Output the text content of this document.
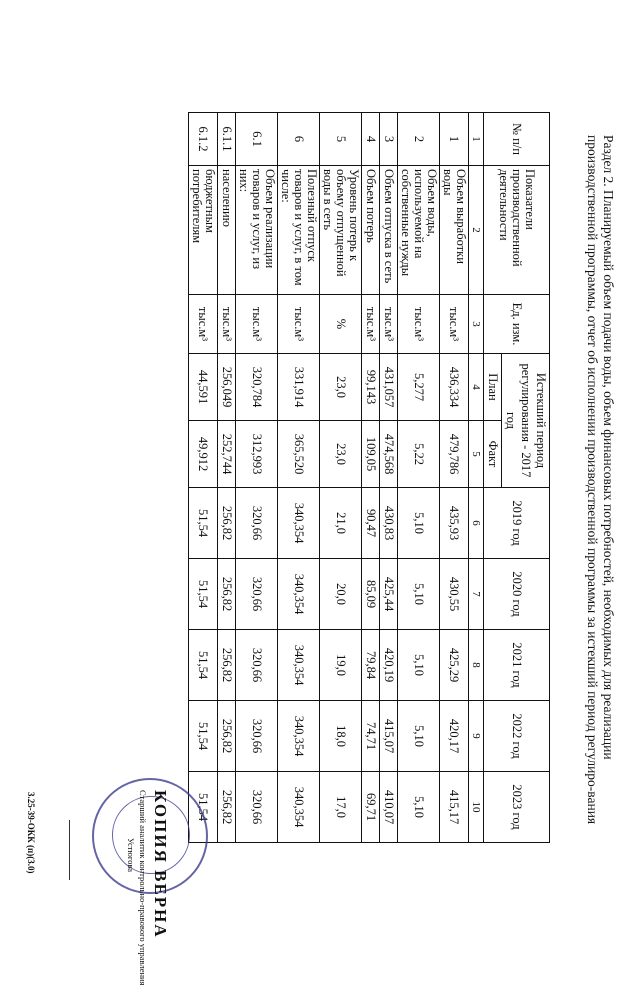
Раздел 2. Планируемый объем подачи воды, объем финансовых потребностей, необходимых для реализации производственной программы, отчет об исполнении производственной программы за истекший период регулиро-вания
№ п/п	Показатели производственной деятельности	Ед. изм.	Истекший период регулирования - 2017 год		2019 год	2020 год	2021 год	2022 год	2023 год
			План	Факт					
1	2	3	4	5	6	7	8	9	10
1	Объем выработки воды	тыс.м³	436,334	479,786	435,93	430,55	425,29	420,17	415,17
2	Объем воды, используемой на собственные нужды	тыс.м³	5,277	5,22	5,10	5,10	5,10	5,10	5,10
3	Объем отпуска в сеть	тыс.м³	431,057	474,568	430,83	425,44	420,19	415,07	410,07
4	Объем потерь	тыс.м³	99,143	109,05	90,47	85,09	79,84	74,71	69,71
5	Уровень потерь к объему отпущенной воды в сеть	%	23,0	23,0	21,0	20,0	19,0	18,0	17,0
6	Полезный отпуск товаров и услуг, в том числе:	тыс.м³	331,914	365,520	340,354	340,354	340,354	340,354	340,354
6.1	Объем реализации товаров и услуг, из них:	тыс.м³	320,784	312,993	320,66	320,66	320,66	320,66	320,66
6.1.1	населению	тыс.м³	256,049	252,744	256,82	256,82	256,82	256,82	256,82
6.1.2	бюджетным потребителям	тыс.м³	44,591	49,912	51,54	51,54	51,54	51,54	51,54
3.25-39-ОКК (п)(3.0)	КОПИЯ ВЕРНА
Старший аналитик контрольно-правового управления
Устюгова
